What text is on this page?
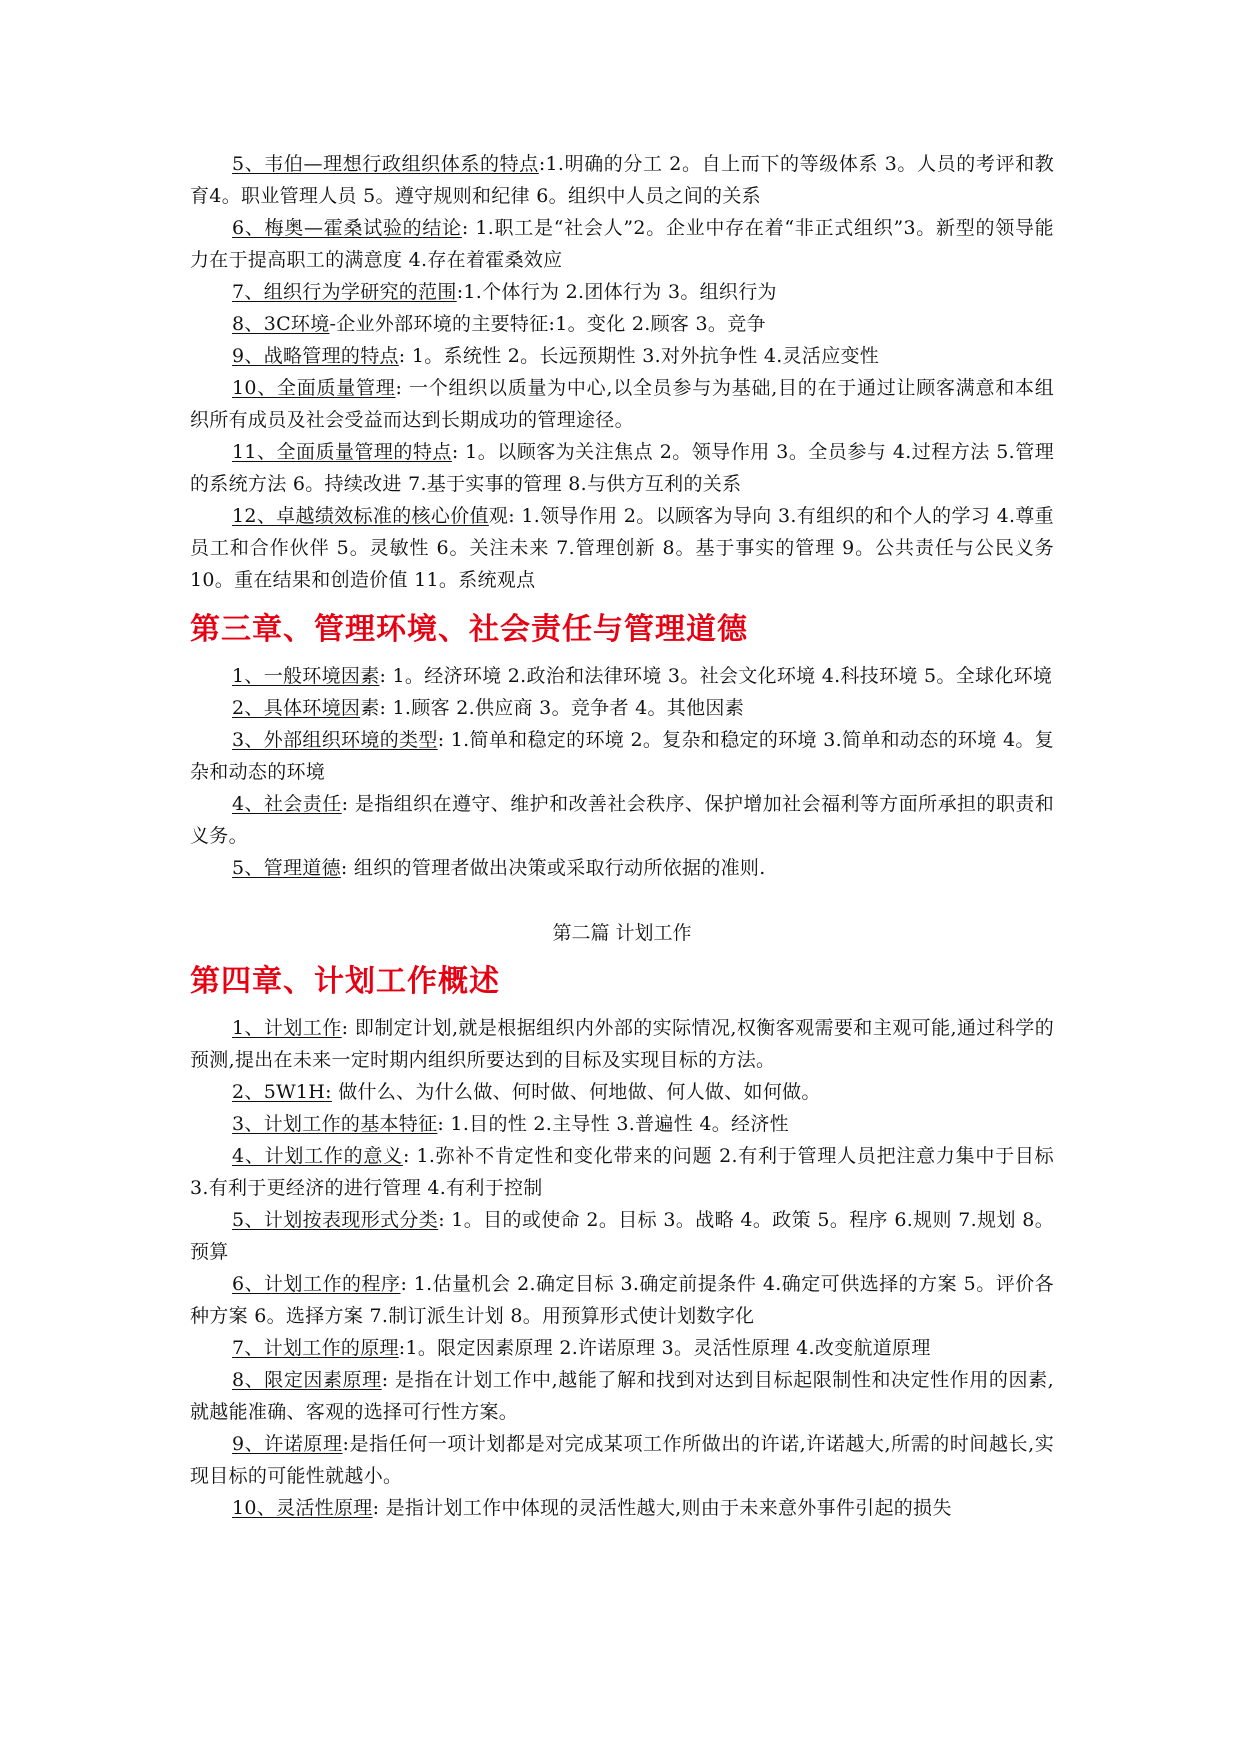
5、韦伯—理想行政组织体系的特点:1.明确的分工 2。自上而下的等级体系 3。人员的考评和教育4。职业管理人员 5。遵守规则和纪律 6。组织中人员之间的关系

6、梅奥—霍桑试验的结论: 1.职工是“社会人”2。企业中存在着“非正式组织”3。新型的领导能力在于提高职工的满意度 4.存在着霍桑效应

7、组织行为学研究的范围:1.个体行为 2.团体行为 3。组织行为

8、3C环境-企业外部环境的主要特征:1。变化 2.顾客 3。竞争

9、战略管理的特点: 1。系统性 2。长远预期性 3.对外抗争性 4.灵活应变性

10、全面质量管理: 一个组织以质量为中心,以全员参与为基础,目的在于通过让顾客满意和本组织所有成员及社会受益而达到长期成功的管理途径。

11、全面质量管理的特点: 1。以顾客为关注焦点 2。领导作用 3。全员参与 4.过程方法 5.管理的系统方法 6。持续改进 7.基于实事的管理 8.与供方互利的关系

12、卓越绩效标准的核心价值观: 1.领导作用 2。以顾客为导向 3.有组织的和个人的学习 4.尊重员工和合作伙伴 5。灵敏性 6。关注未来 7.管理创新 8。基于事实的管理 9。公共责任与公民义务10。重在结果和创造价值 11。系统观点

第三章、管理环境、社会责任与管理道德

1、一般环境因素: 1。经济环境 2.政治和法律环境 3。社会文化环境 4.科技环境 5。全球化环境

2、具体环境因素: 1.顾客 2.供应商 3。竞争者 4。其他因素

3、外部组织环境的类型: 1.简单和稳定的环境 2。复杂和稳定的环境 3.简单和动态的环境 4。复杂和动态的环境

4、社会责任: 是指组织在遵守、维护和改善社会秩序、保护增加社会福利等方面所承担的职责和义务。

5、管理道德: 组织的管理者做出决策或采取行动所依据的准则.

第二篇 计划工作
第四章、计划工作概述

1、计划工作: 即制定计划,就是根据组织内外部的实际情况,权衡客观需要和主观可能,通过科学的预测,提出在未来一定时期内组织所要达到的目标及实现目标的方法。

2、5W1H: 做什么、为什么做、何时做、何地做、何人做、如何做。

3、计划工作的基本特征: 1.目的性 2.主导性 3.普遍性 4。经济性

4、计划工作的意义: 1.弥补不肯定性和变化带来的问题 2.有利于管理人员把注意力集中于目标 3.有利于更经济的进行管理 4.有利于控制

5、计划按表现形式分类: 1。目的或使命 2。目标 3。战略 4。政策 5。程序 6.规则 7.规划 8。预算

6、计划工作的程序: 1.估量机会 2.确定目标 3.确定前提条件 4.确定可供选择的方案 5。评价各种方案 6。选择方案 7.制订派生计划 8。用预算形式使计划数字化

7、计划工作的原理:1。限定因素原理 2.许诺原理 3。灵活性原理 4.改变航道原理

8、限定因素原理: 是指在计划工作中,越能了解和找到对达到目标起限制性和决定性作用的因素,就越能准确、客观的选择可行性方案。

9、许诺原理:是指任何一项计划都是对完成某项工作所做出的许诺,许诺越大,所需的时间越长,实现目标的可能性就越小。

10、灵活性原理: 是指计划工作中体现的灵活性越大,则由于未来意外事件引起的损失
